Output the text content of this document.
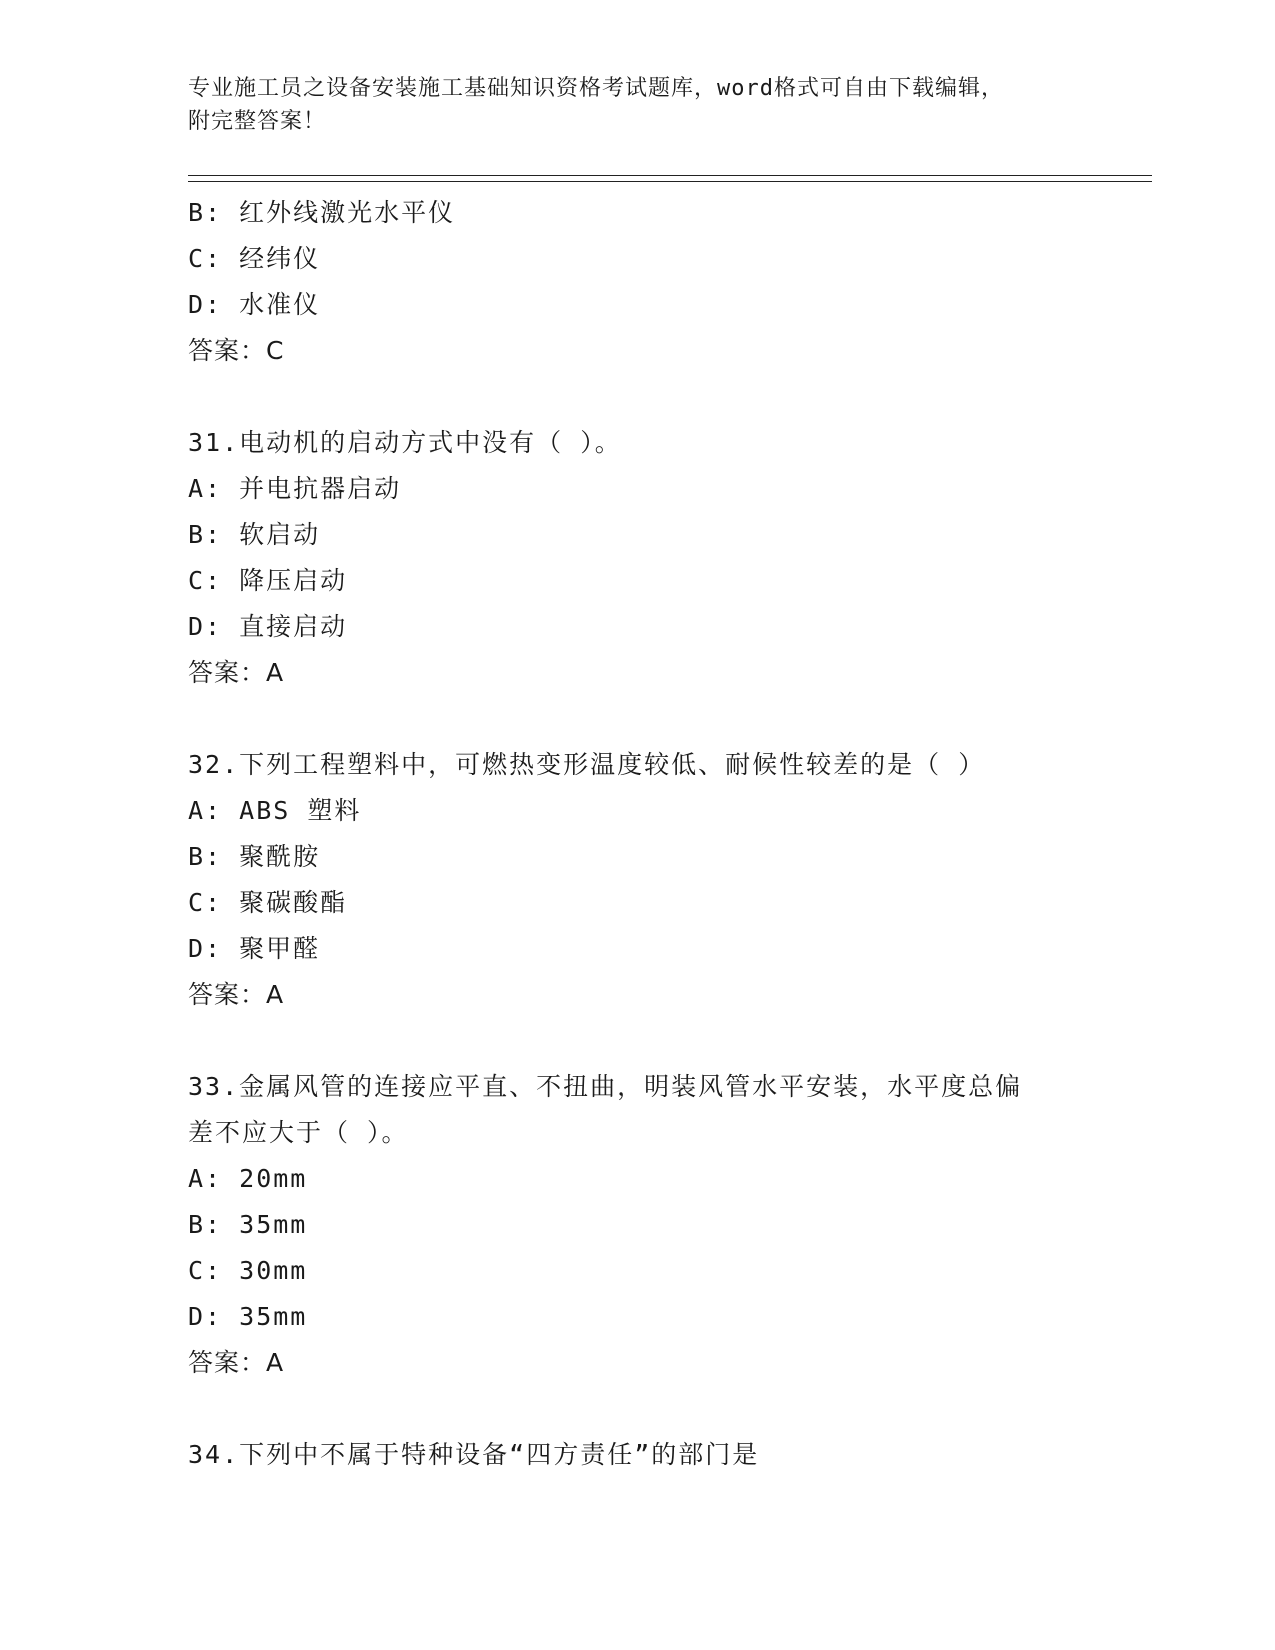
专业施工员之设备安装施工基础知识资格考试题库，word格式可自由下载编辑，
附完整答案！
B: 红外线激光水平仪
C: 经纬仪
D: 水准仪
答案：C
31.电动机的启动方式中没有（ ）。
A: 并电抗器启动
B: 软启动
C: 降压启动
D: 直接启动
答案：A
32.下列工程塑料中，可燃热变形温度较低、耐候性较差的是（ ）
A: ABS 塑料
B: 聚酰胺
C: 聚碳酸酯
D: 聚甲醛
答案：A
33.金属风管的连接应平直、不扭曲，明装风管水平安装，水平度总偏
差不应大于（ ）。
A: 20mm
B: 35mm
C: 30mm
D: 35mm
答案：A
34.下列中不属于特种设备“四方责任”的部门是
